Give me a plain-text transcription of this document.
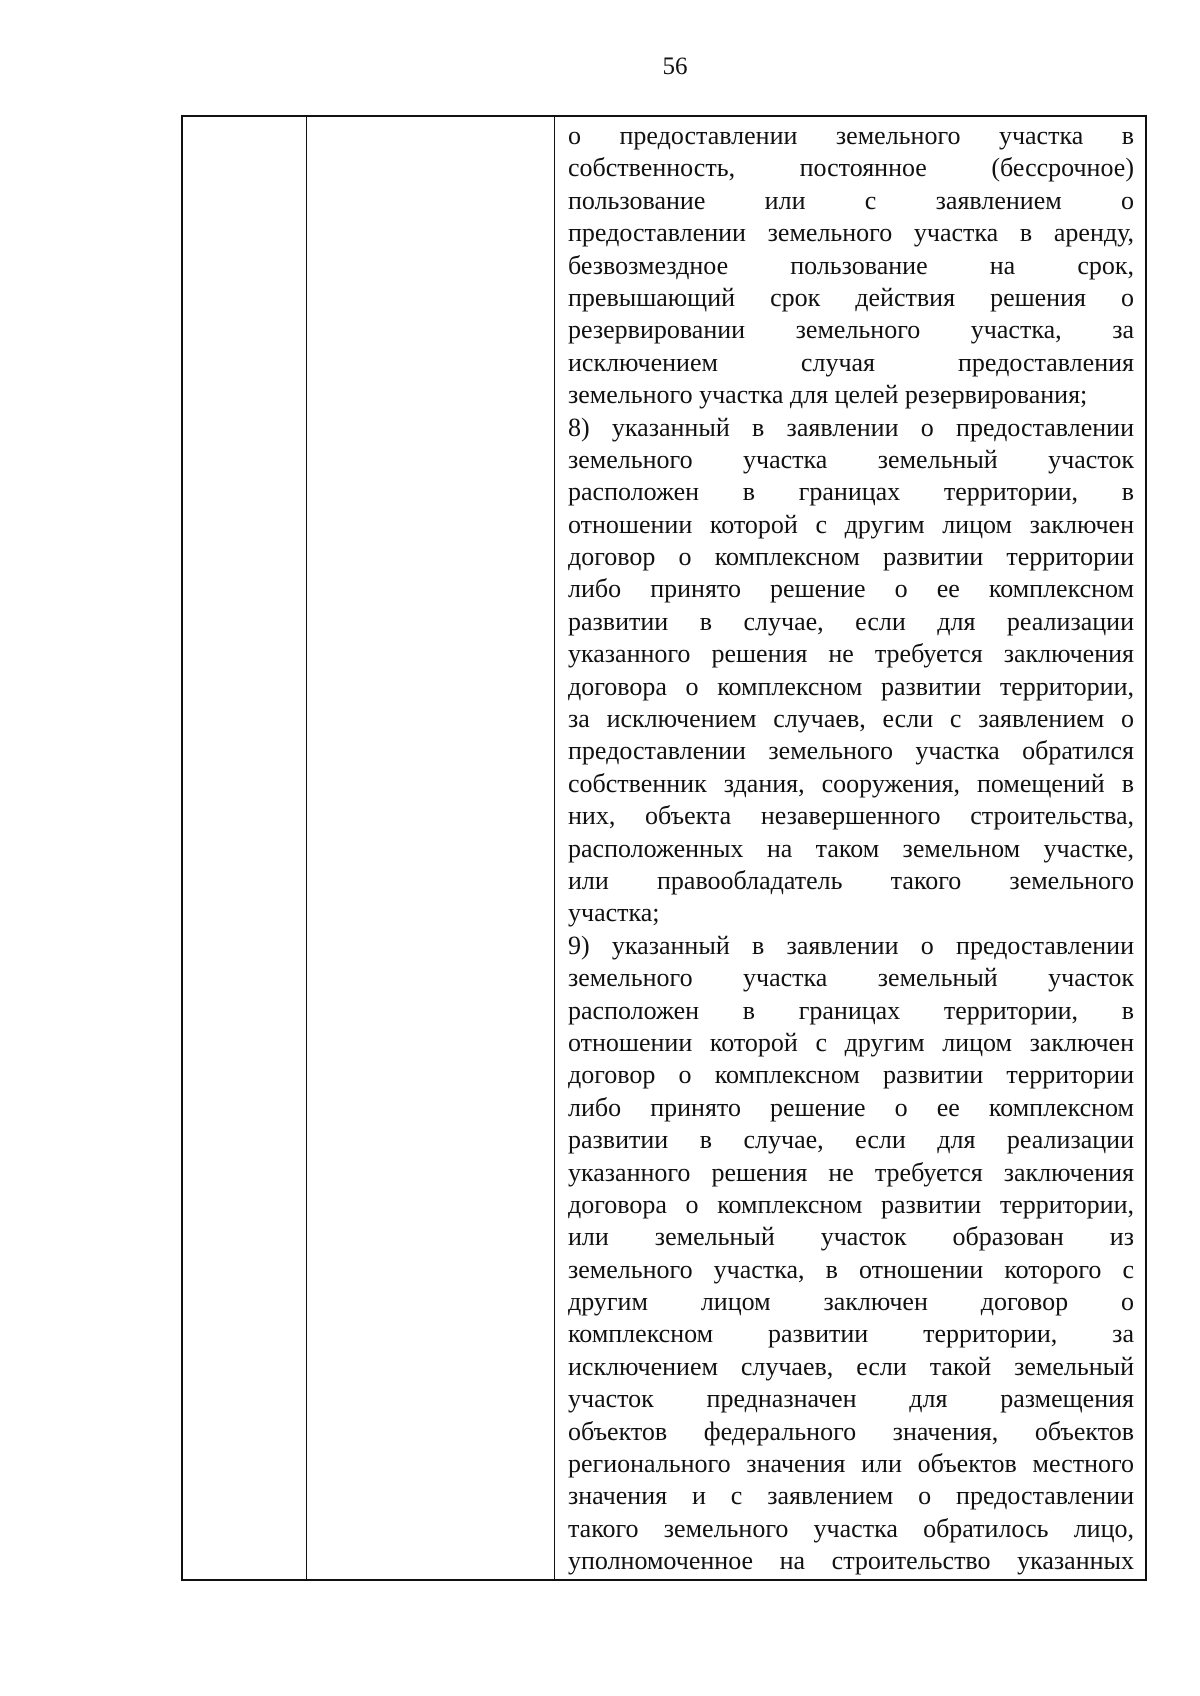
56
о предоставлении земельного участка в
собственность, постоянное (бессрочное)
пользование или с заявлением о
предоставлении земельного участка в аренду,
безвозмездное пользование на срок,
превышающий срок действия решения о
резервировании земельного участка, за
исключением случая предоставления
земельного участка для целей резервирования;
8) указанный в заявлении о предоставлении
земельного участка земельный участок
расположен в границах территории, в
отношении которой с другим лицом заключен
договор о комплексном развитии территории
либо принято решение о ее комплексном
развитии в случае, если для реализации
указанного решения не требуется заключения
договора о комплексном развитии территории,
за исключением случаев, если с заявлением о
предоставлении земельного участка обратился
собственник здания, сооружения, помещений в
них, объекта незавершенного строительства,
расположенных на таком земельном участке,
или правообладатель такого земельного
участка;
9) указанный в заявлении о предоставлении
земельного участка земельный участок
расположен в границах территории, в
отношении которой с другим лицом заключен
договор о комплексном развитии территории
либо принято решение о ее комплексном
развитии в случае, если для реализации
указанного решения не требуется заключения
договора о комплексном развитии территории,
или земельный участок образован из
земельного участка, в отношении которого с
другим лицом заключен договор о
комплексном развитии территории, за
исключением случаев, если такой земельный
участок предназначен для размещения
объектов федерального значения, объектов
регионального значения или объектов местного
значения и с заявлением о предоставлении
такого земельного участка обратилось лицо,
уполномоченное на строительство указанных
